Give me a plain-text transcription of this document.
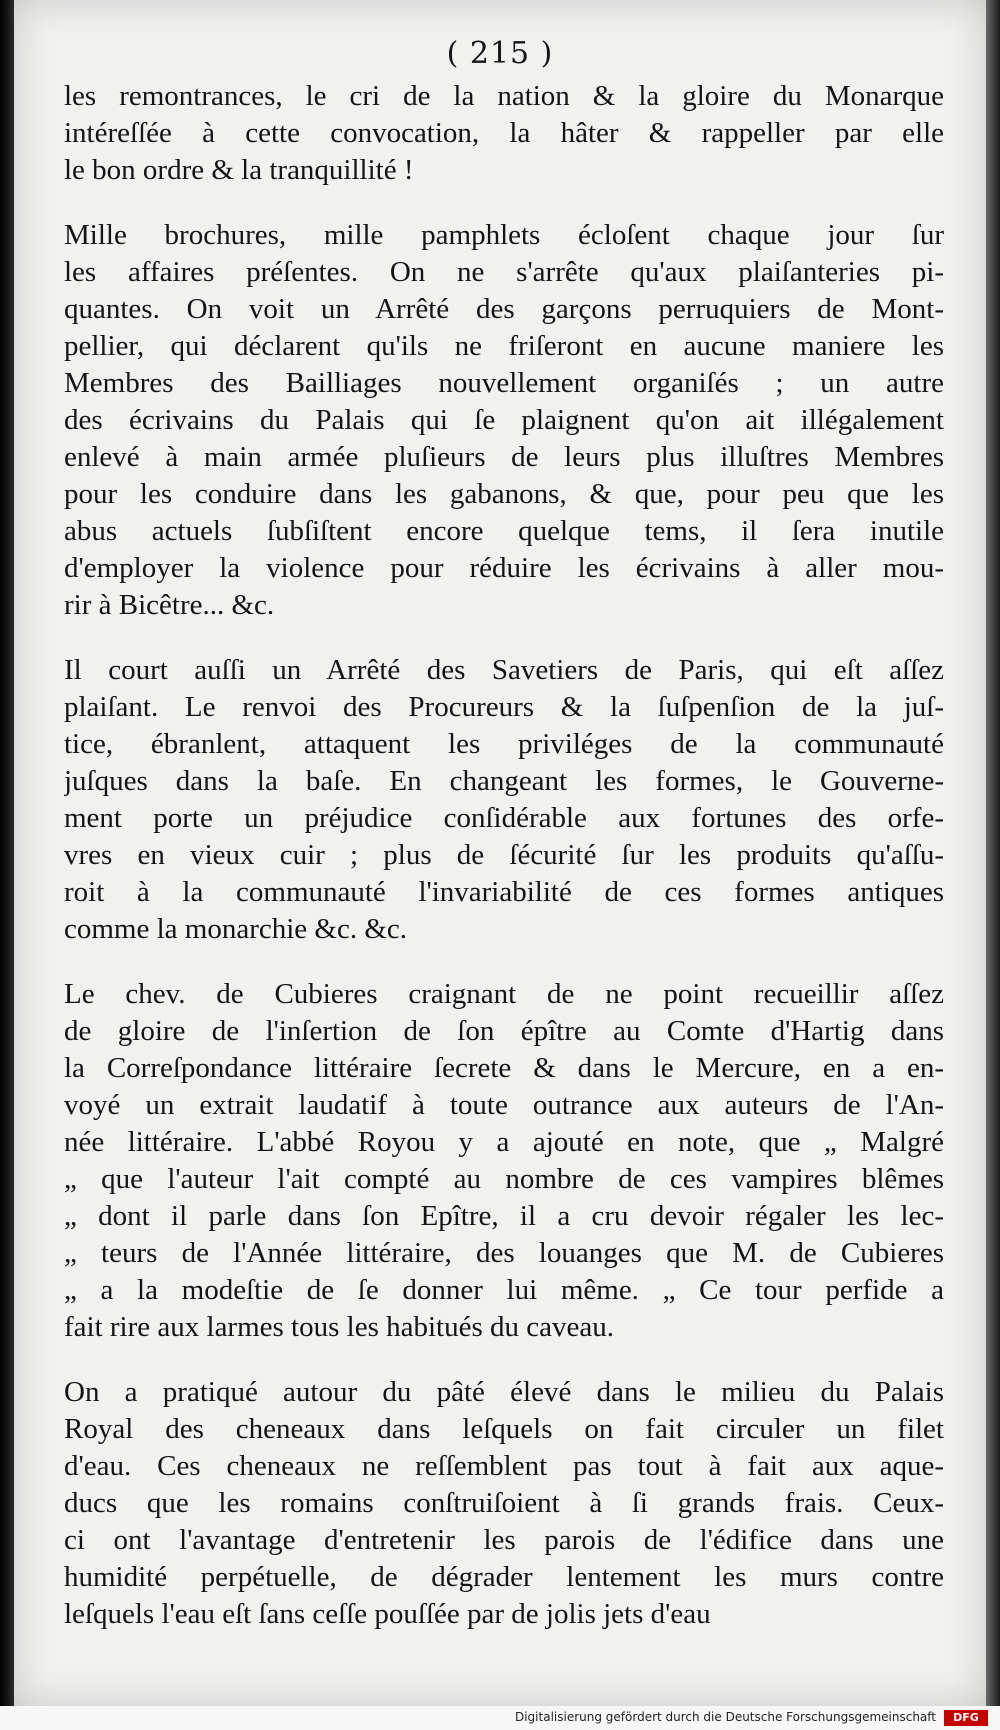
( 215 )
les remontrances, le cri de la nation & la gloire du Monarque
intéreſſée à cette convocation, la hâter & rappeller par elle
le bon ordre & la tranquillité !
Mille brochures, mille pamphlets écloſent chaque jour ſur
les affaires préſentes. On ne s'arrête qu'aux plaiſanteries pi-
quantes. On voit un Arrêté des garçons perruquiers de Mont-
pellier, qui déclarent qu'ils ne friſeront en aucune maniere les
Membres des Bailliages nouvellement organiſés ; un autre
des écrivains du Palais qui ſe plaignent qu'on ait illégalement
enlevé à main armée pluſieurs de leurs plus illuſtres Membres
pour les conduire dans les gabanons, & que, pour peu que les
abus actuels ſubſiſtent encore quelque tems, il ſera inutile
d'employer la violence pour réduire les écrivains à aller mou-
rir à Bicêtre... &c.
Il court auſſi un Arrêté des Savetiers de Paris, qui eſt aſſez
plaiſant. Le renvoi des Procureurs & la ſuſpenſion de la juſ-
tice, ébranlent, attaquent les priviléges de la communauté
juſques dans la baſe. En changeant les formes, le Gouverne-
ment porte un préjudice conſidérable aux fortunes des orfe-
vres en vieux cuir ; plus de ſécurité ſur les produits qu'aſſu-
roit à la communauté l'invariabilité de ces formes antiques
comme la monarchie &c. &c.
Le chev. de Cubieres craignant de ne point recueillir aſſez
de gloire de l'inſertion de ſon épître au Comte d'Hartig dans
la Correſpondance littéraire ſecrete & dans le Mercure, en a en-
voyé un extrait laudatif à toute outrance aux auteurs de l'An-
née littéraire. L'abbé Royou y a ajouté en note, que „ Malgré
„ que l'auteur l'ait compté au nombre de ces vampires blêmes
„ dont il parle dans ſon Epître, il a cru devoir régaler les lec-
„ teurs de l'Année littéraire, des louanges que M. de Cubieres
„ a la modeſtie de ſe donner lui même. „ Ce tour perfide a
fait rire aux larmes tous les habitués du caveau.
On a pratiqué autour du pâté élevé dans le milieu du Palais
Royal des cheneaux dans leſquels on fait circuler un filet
d'eau. Ces cheneaux ne reſſemblent pas tout à fait aux aque-
ducs que les romains conſtruiſoient à ſi grands frais. Ceux-
ci ont l'avantage d'entretenir les parois de l'édifice dans une
humidité perpétuelle, de dégrader lentement les murs contre
leſquels l'eau eſt ſans ceſſe pouſſée par de jolis jets d'eau
Digitalisierung gefördert durch die Deutsche Forschungsgemeinschaft	DFG
